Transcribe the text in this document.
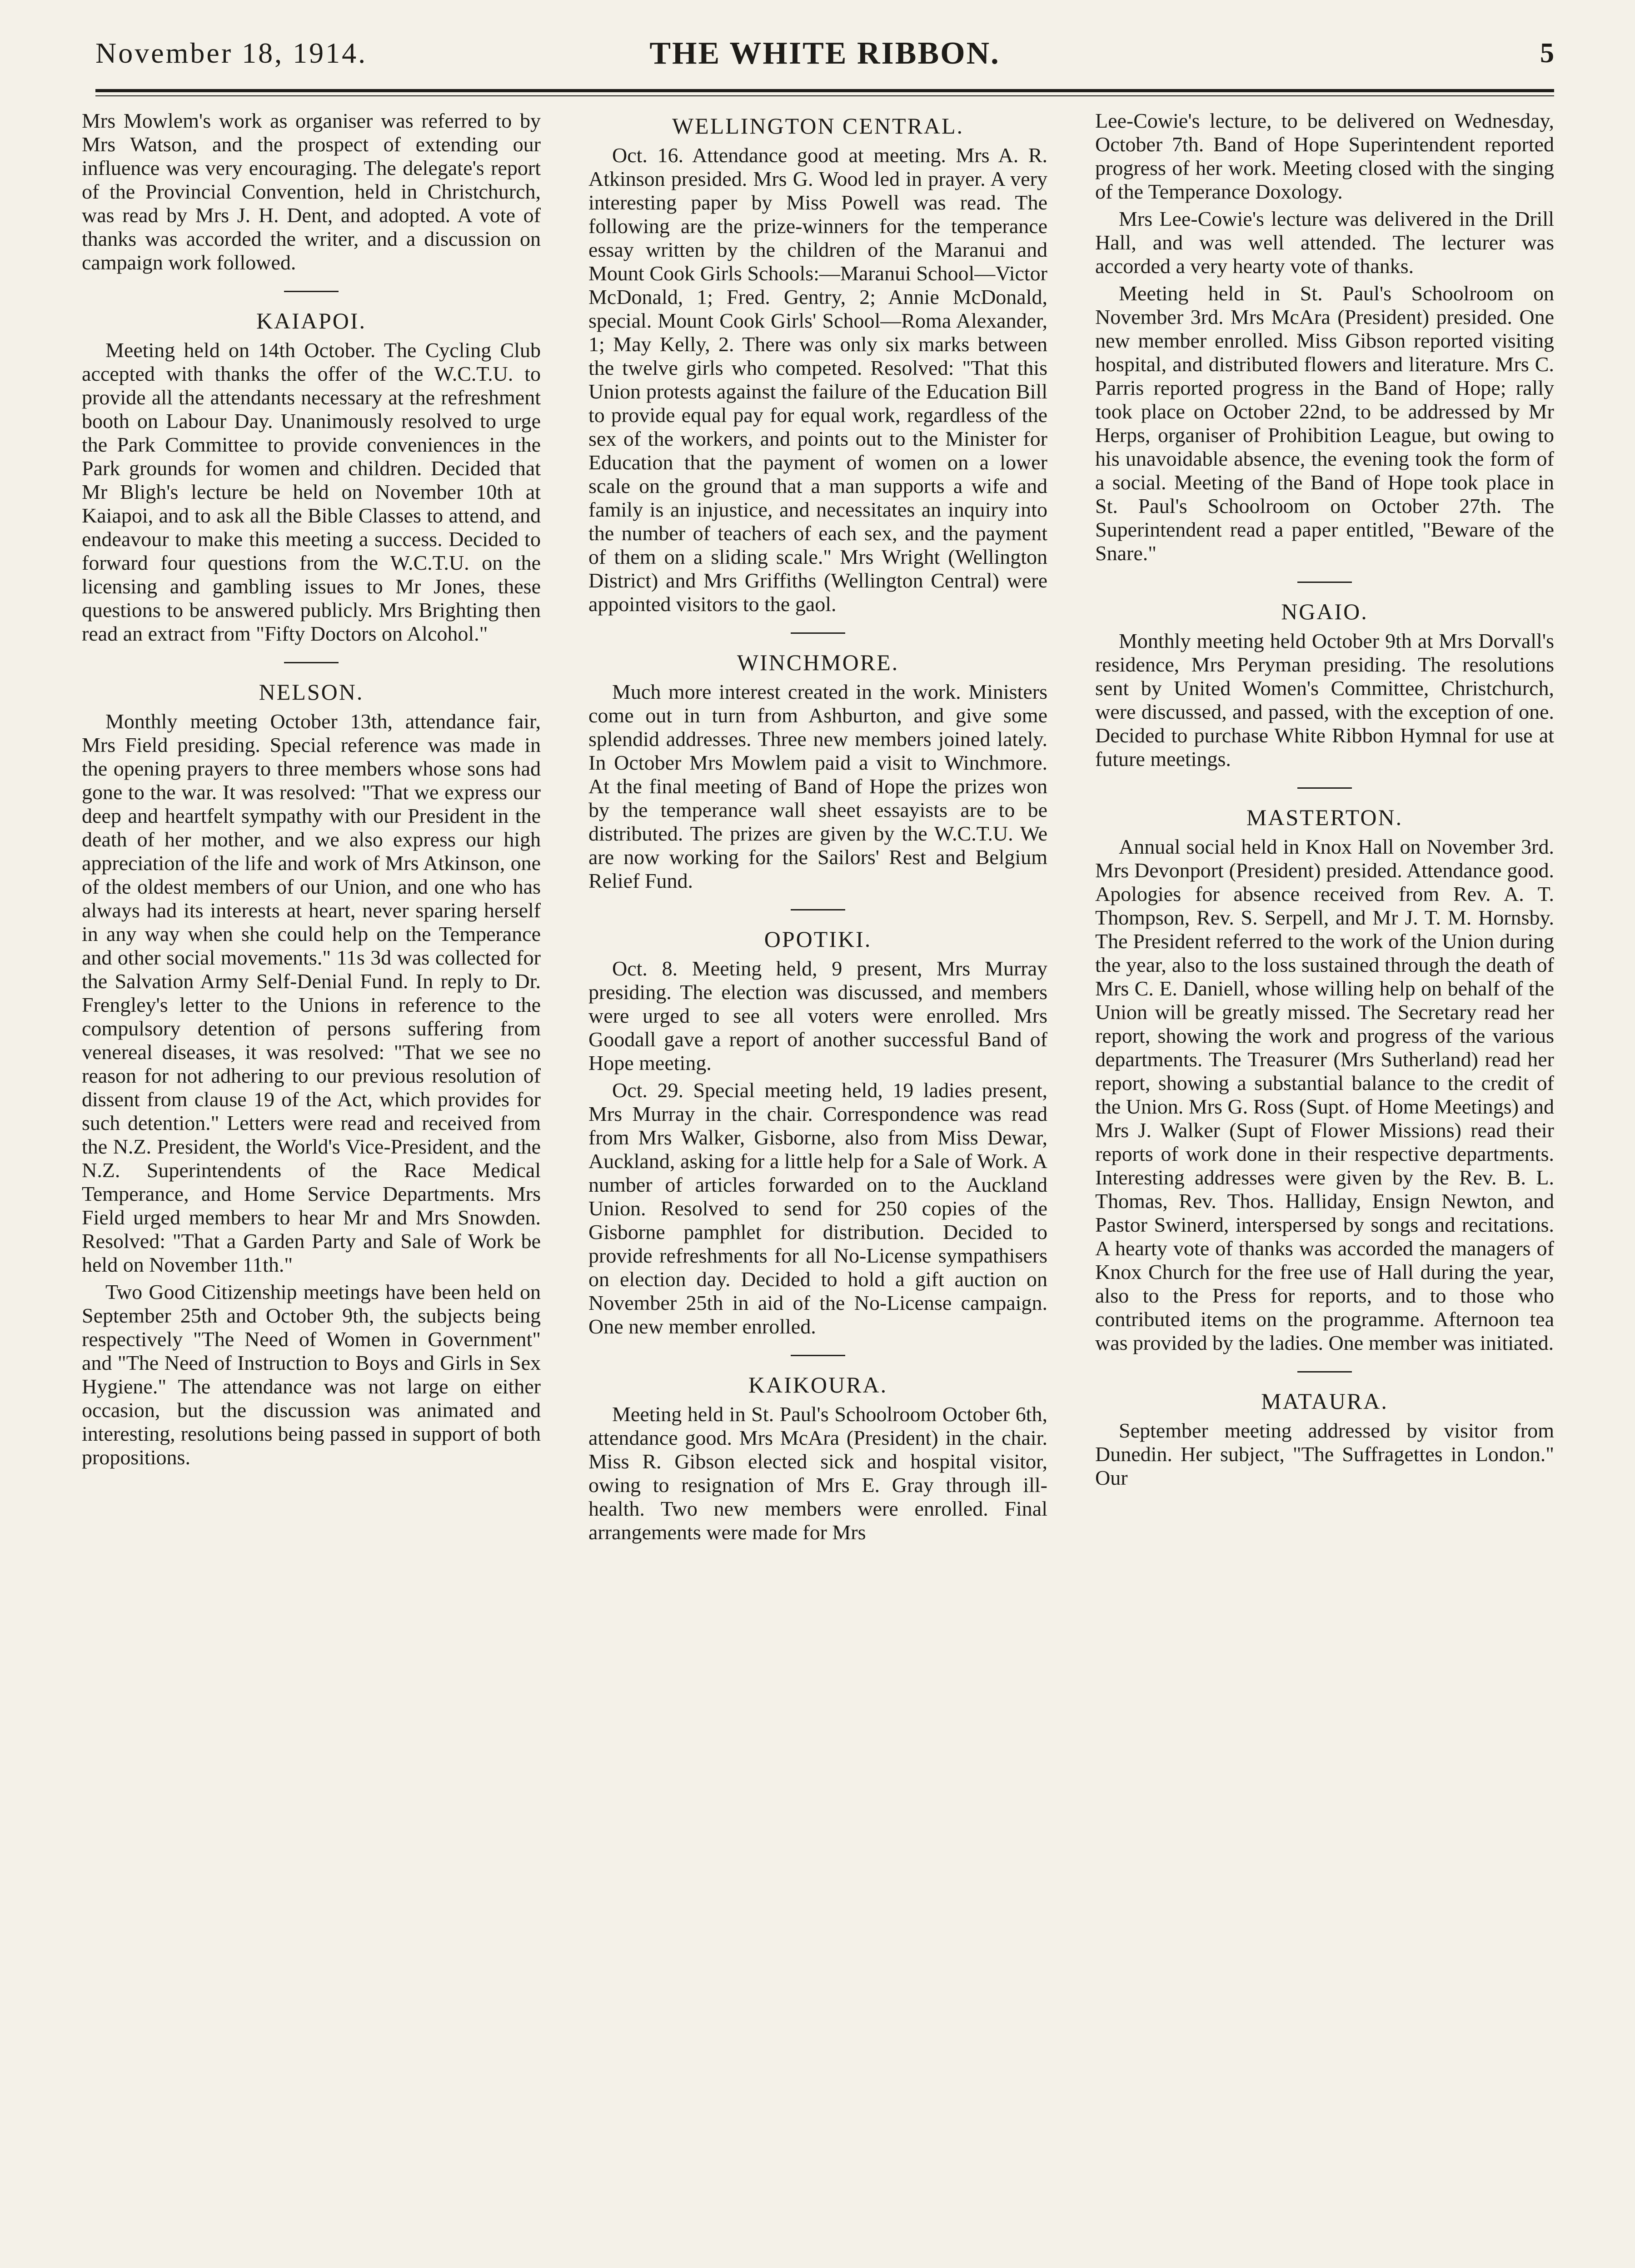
November 18, 1914.	THE WHITE RIBBON.	5

Mrs Mowlem's work as organiser was referred to by Mrs Watson, and the prospect of extending our influence was very encouraging. The delegate's report of the Provincial Convention, held in Christchurch, was read by Mrs J. H. Dent, and adopted. A vote of thanks was accorded the writer, and a discussion on campaign work followed.

KAIAPOI.

Meeting held on 14th October. The Cycling Club accepted with thanks the offer of the W.C.T.U. to provide all the attendants necessary at the refreshment booth on Labour Day. Unanimously resolved to urge the Park Committee to provide conveniences in the Park grounds for women and children. Decided that Mr Bligh's lecture be held on November 10th at Kaiapoi, and to ask all the Bible Classes to attend, and endeavour to make this meeting a success. Decided to forward four questions from the W.C.T.U. on the licensing and gambling issues to Mr Jones, these questions to be answered publicly. Mrs Brighting then read an extract from "Fifty Doctors on Alcohol."

NELSON.

Monthly meeting October 13th, attendance fair, Mrs Field presiding. Special reference was made in the opening prayers to three members whose sons had gone to the war. It was resolved: "That we express our deep and heartfelt sympathy with our President in the death of her mother, and we also express our high appreciation of the life and work of Mrs Atkinson, one of the oldest members of our Union, and one who has always had its interests at heart, never sparing herself in any way when she could help on the Temperance and other social movements." 11s 3d was collected for the Salvation Army Self-Denial Fund. In reply to Dr. Frengley's letter to the Unions in reference to the compulsory detention of persons suffering from venereal diseases, it was resolved: "That we see no reason for not adhering to our previous resolution of dissent from clause 19 of the Act, which provides for such detention." Letters were read and received from the N.Z. President, the World's Vice-President, and the N.Z. Superintendents of the Race Medical Temperance, and Home Service Departments. Mrs Field urged members to hear Mr and Mrs Snowden. Resolved: "That a Garden Party and Sale of Work be held on November 11th."

Two Good Citizenship meetings have been held on September 25th and October 9th, the subjects being respectively "The Need of Women in Government" and "The Need of Instruction to Boys and Girls in Sex Hygiene." The attendance was not large on either occasion, but the discussion was animated and interesting, resolutions being passed in support of both propositions.

WELLINGTON CENTRAL.

Oct. 16. Attendance good at meeting. Mrs A. R. Atkinson presided. Mrs G. Wood led in prayer. A very interesting paper by Miss Powell was read. The following are the prize-winners for the temperance essay written by the children of the Maranui and Mount Cook Girls Schools:—Maranui School—Victor McDonald, 1; Fred. Gentry, 2; Annie McDonald, special. Mount Cook Girls' School—Roma Alexander, 1; May Kelly, 2. There was only six marks between the twelve girls who competed. Resolved: "That this Union protests against the failure of the Education Bill to provide equal pay for equal work, regardless of the sex of the workers, and points out to the Minister for Education that the payment of women on a lower scale on the ground that a man supports a wife and family is an injustice, and necessitates an inquiry into the number of teachers of each sex, and the payment of them on a sliding scale." Mrs Wright (Wellington District) and Mrs Griffiths (Wellington Central) were appointed visitors to the gaol.

WINCHMORE.

Much more interest created in the work. Ministers come out in turn from Ashburton, and give some splendid addresses. Three new members joined lately. In October Mrs Mowlem paid a visit to Winchmore. At the final meeting of Band of Hope the prizes won by the temperance wall sheet essayists are to be distributed. The prizes are given by the W.C.T.U. We are now working for the Sailors' Rest and Belgium Relief Fund.

OPOTIKI.

Oct. 8. Meeting held, 9 present, Mrs Murray presiding. The election was discussed, and members were urged to see all voters were enrolled. Mrs Goodall gave a report of another successful Band of Hope meeting.

Oct. 29. Special meeting held, 19 ladies present, Mrs Murray in the chair. Correspondence was read from Mrs Walker, Gisborne, also from Miss Dewar, Auckland, asking for a little help for a Sale of Work. A number of articles forwarded on to the Auckland Union. Resolved to send for 250 copies of the Gisborne pamphlet for distribution. Decided to provide refreshments for all No-License sympathisers on election day. Decided to hold a gift auction on November 25th in aid of the No-License campaign. One new member enrolled.

KAIKOURA.

Meeting held in St. Paul's Schoolroom October 6th, attendance good. Mrs McAra (President) in the chair. Miss R. Gibson elected sick and hospital visitor, owing to resignation of Mrs E. Gray through ill-health. Two new members were enrolled. Final arrangements were made for Mrs

Lee-Cowie's lecture, to be delivered on Wednesday, October 7th. Band of Hope Superintendent reported progress of her work. Meeting closed with the singing of the Temperance Doxology.

Mrs Lee-Cowie's lecture was delivered in the Drill Hall, and was well attended. The lecturer was accorded a very hearty vote of thanks.

Meeting held in St. Paul's Schoolroom on November 3rd. Mrs McAra (President) presided. One new member enrolled. Miss Gibson reported visiting hospital, and distributed flowers and literature. Mrs C. Parris reported progress in the Band of Hope; rally took place on October 22nd, to be addressed by Mr Herps, organiser of Prohibition League, but owing to his unavoidable absence, the evening took the form of a social. Meeting of the Band of Hope took place in St. Paul's Schoolroom on October 27th. The Superintendent read a paper entitled, "Beware of the Snare."

NGAIO.

Monthly meeting held October 9th at Mrs Dorvall's residence, Mrs Peryman presiding. The resolutions sent by United Women's Committee, Christchurch, were discussed, and passed, with the exception of one. Decided to purchase White Ribbon Hymnal for use at future meetings.

MASTERTON.

Annual social held in Knox Hall on November 3rd. Mrs Devonport (President) presided. Attendance good. Apologies for absence received from Rev. A. T. Thompson, Rev. S. Serpell, and Mr J. T. M. Hornsby. The President referred to the work of the Union during the year, also to the loss sustained through the death of Mrs C. E. Daniell, whose willing help on behalf of the Union will be greatly missed. The Secretary read her report, showing the work and progress of the various departments. The Treasurer (Mrs Sutherland) read her report, showing a substantial balance to the credit of the Union. Mrs G. Ross (Supt. of Home Meetings) and Mrs J. Walker (Supt of Flower Missions) read their reports of work done in their respective departments. Interesting addresses were given by the Rev. B. L. Thomas, Rev. Thos. Halliday, Ensign Newton, and Pastor Swinerd, interspersed by songs and recitations. A hearty vote of thanks was accorded the managers of Knox Church for the free use of Hall during the year, also to the Press for reports, and to those who contributed items on the programme. Afternoon tea was provided by the ladies. One member was initiated.

MATAURA.

September meeting addressed by visitor from Dunedin. Her subject, "The Suffragettes in London." Our
